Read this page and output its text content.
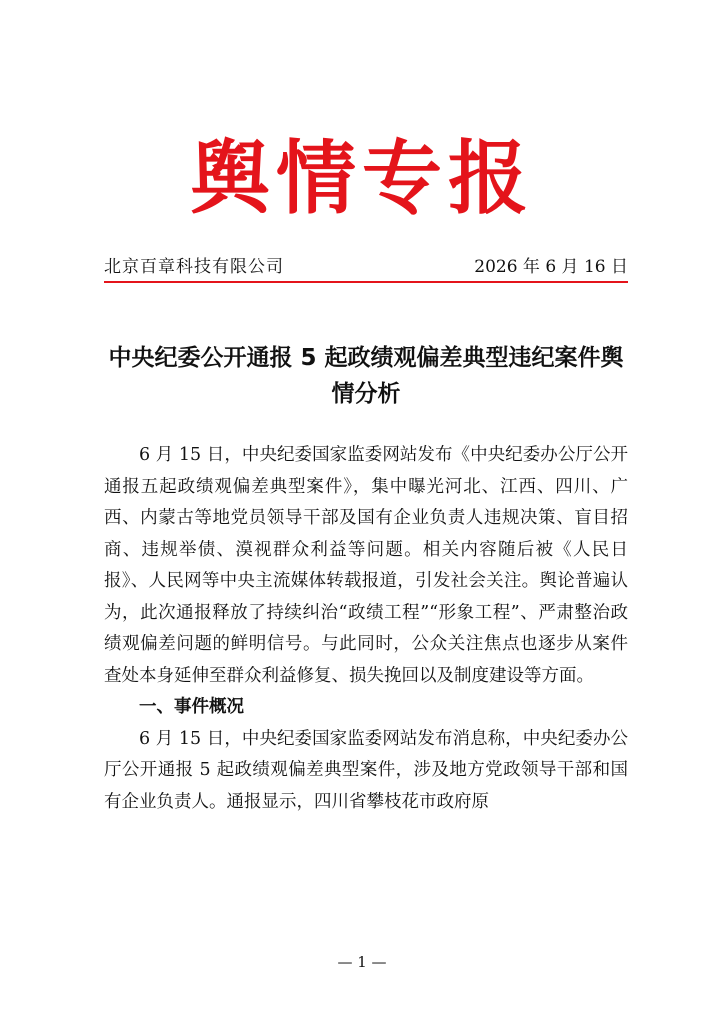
舆情专报
北京百章科技有限公司	2026 年 6 月 16 日
中央纪委公开通报 5 起政绩观偏差典型违纪案件舆情分析

6 月 15 日，中央纪委国家监委网站发布《中央纪委办公厅公开通报五起政绩观偏差典型案件》，集中曝光河北、江西、四川、广西、内蒙古等地党员领导干部及国有企业负责人违规决策、盲目招商、违规举债、漠视群众利益等问题。相关内容随后被《人民日报》、人民网等中央主流媒体转载报道，引发社会关注。舆论普遍认为，此次通报释放了持续纠治“政绩工程”“形象工程”、严肃整治政绩观偏差问题的鲜明信号。与此同时，公众关注焦点也逐步从案件查处本身延伸至群众利益修复、损失挽回以及制度建设等方面。

一、事件概况

6 月 15 日，中央纪委国家监委网站发布消息称，中央纪委办公厅公开通报 5 起政绩观偏差典型案件，涉及地方党政领导干部和国有企业负责人。通报显示，四川省攀枝花市政府原

— 1 —
